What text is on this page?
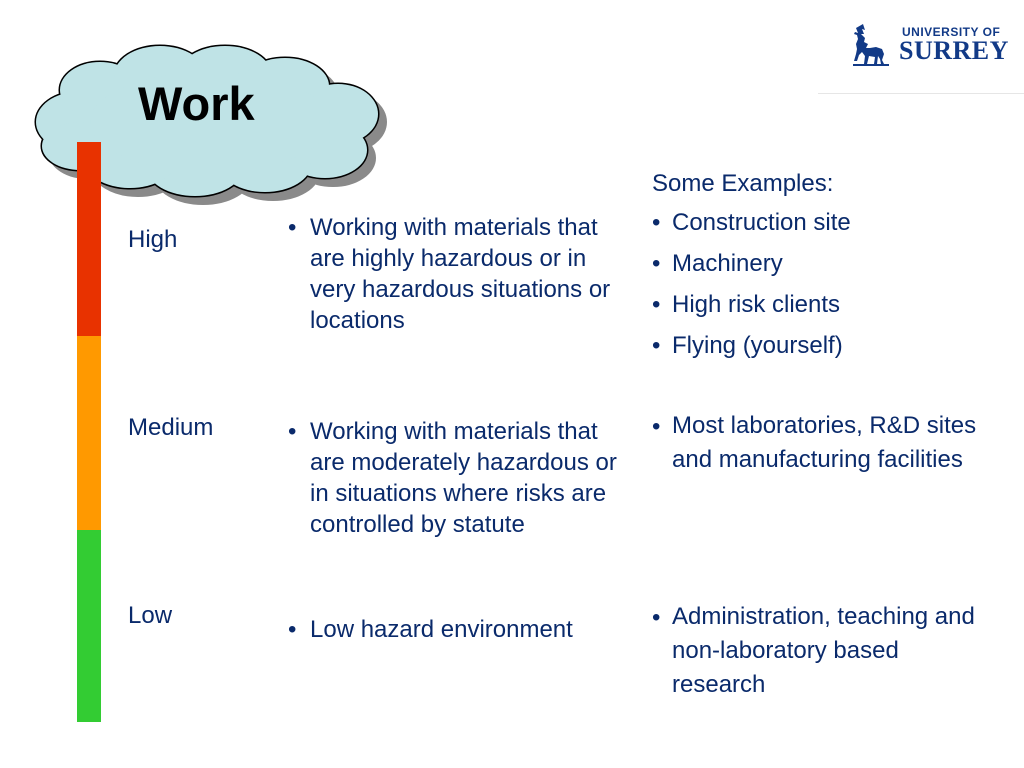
UNIVERSITY OF
SURREY
Work
High
Medium
Low
• Working with materials that are highly hazardous or in very hazardous situations or locations
• Working with materials that are moderately hazardous or in situations where risks are controlled by statute
• Low hazard environment
Some Examples:
• Construction site
• Machinery
• High risk clients
• Flying (yourself)
• Most laboratories, R&D sites and manufacturing facilities
• Administration, teaching and non-laboratory based research
